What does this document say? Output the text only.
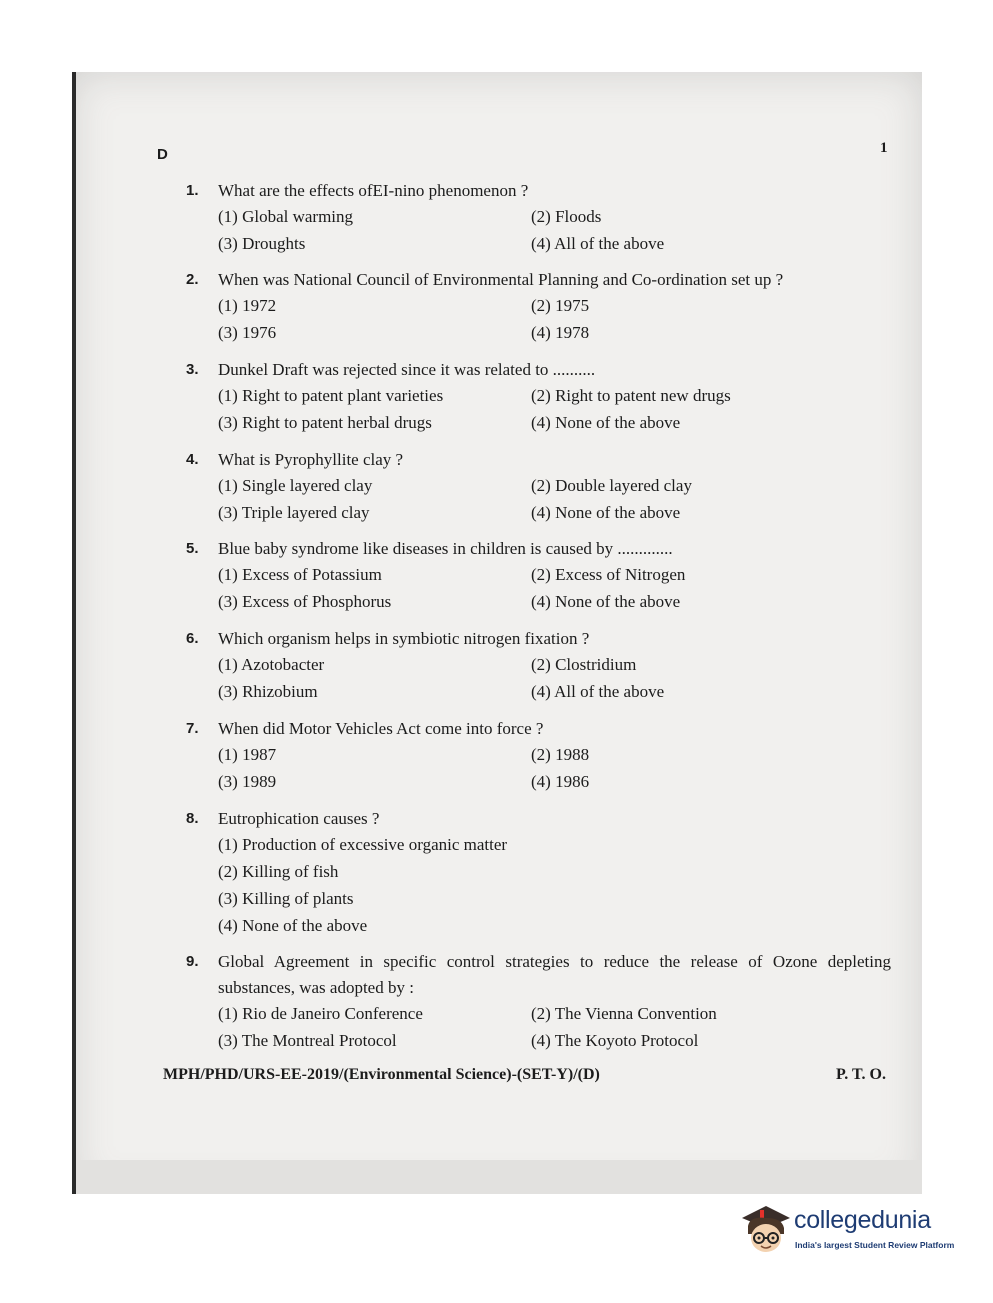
D	1
1.	What are the effects ofEI-nino phenomenon ?
(1) Global warming	(2) Floods
(3) Droughts	(4) All of the above
2.	When was National Council of Environmental Planning and Co-ordination set up ?
(1) 1972	(2) 1975
(3) 1976	(4) 1978
3.	Dunkel Draft was rejected since it was related to ..........
(1) Right to patent plant varieties	(2) Right to patent new drugs
(3) Right to patent herbal drugs	(4) None of the above
4.	What is Pyrophyllite clay ?
(1) Single layered clay	(2) Double layered clay
(3) Triple layered clay	(4) None of the above
5.	Blue baby syndrome like diseases in children is caused by .............
(1) Excess of Potassium	(2) Excess of Nitrogen
(3) Excess of Phosphorus	(4) None of the above
6.	Which organism helps in symbiotic nitrogen fixation ?
(1) Azotobacter	(2) Clostridium
(3) Rhizobium	(4) All of the above
7.	When did Motor Vehicles Act come into force ?
(1) 1987	(2) 1988
(3) 1989	(4) 1986
8.	Eutrophication causes ?
(1) Production of excessive organic matter
(2) Killing of fish
(3) Killing of plants
(4) None of the above
9.	Global Agreement in specific control strategies to reduce the release of Ozone depleting substances, was adopted by :
(1) Rio de Janeiro Conference	(2) The Vienna Convention
(3) The Montreal Protocol	(4) The Koyoto Protocol
MPH/PHD/URS-EE-2019/(Environmental Science)-(SET-Y)/(D)	P. T. O.
collegedunia
India's largest Student Review Platform
